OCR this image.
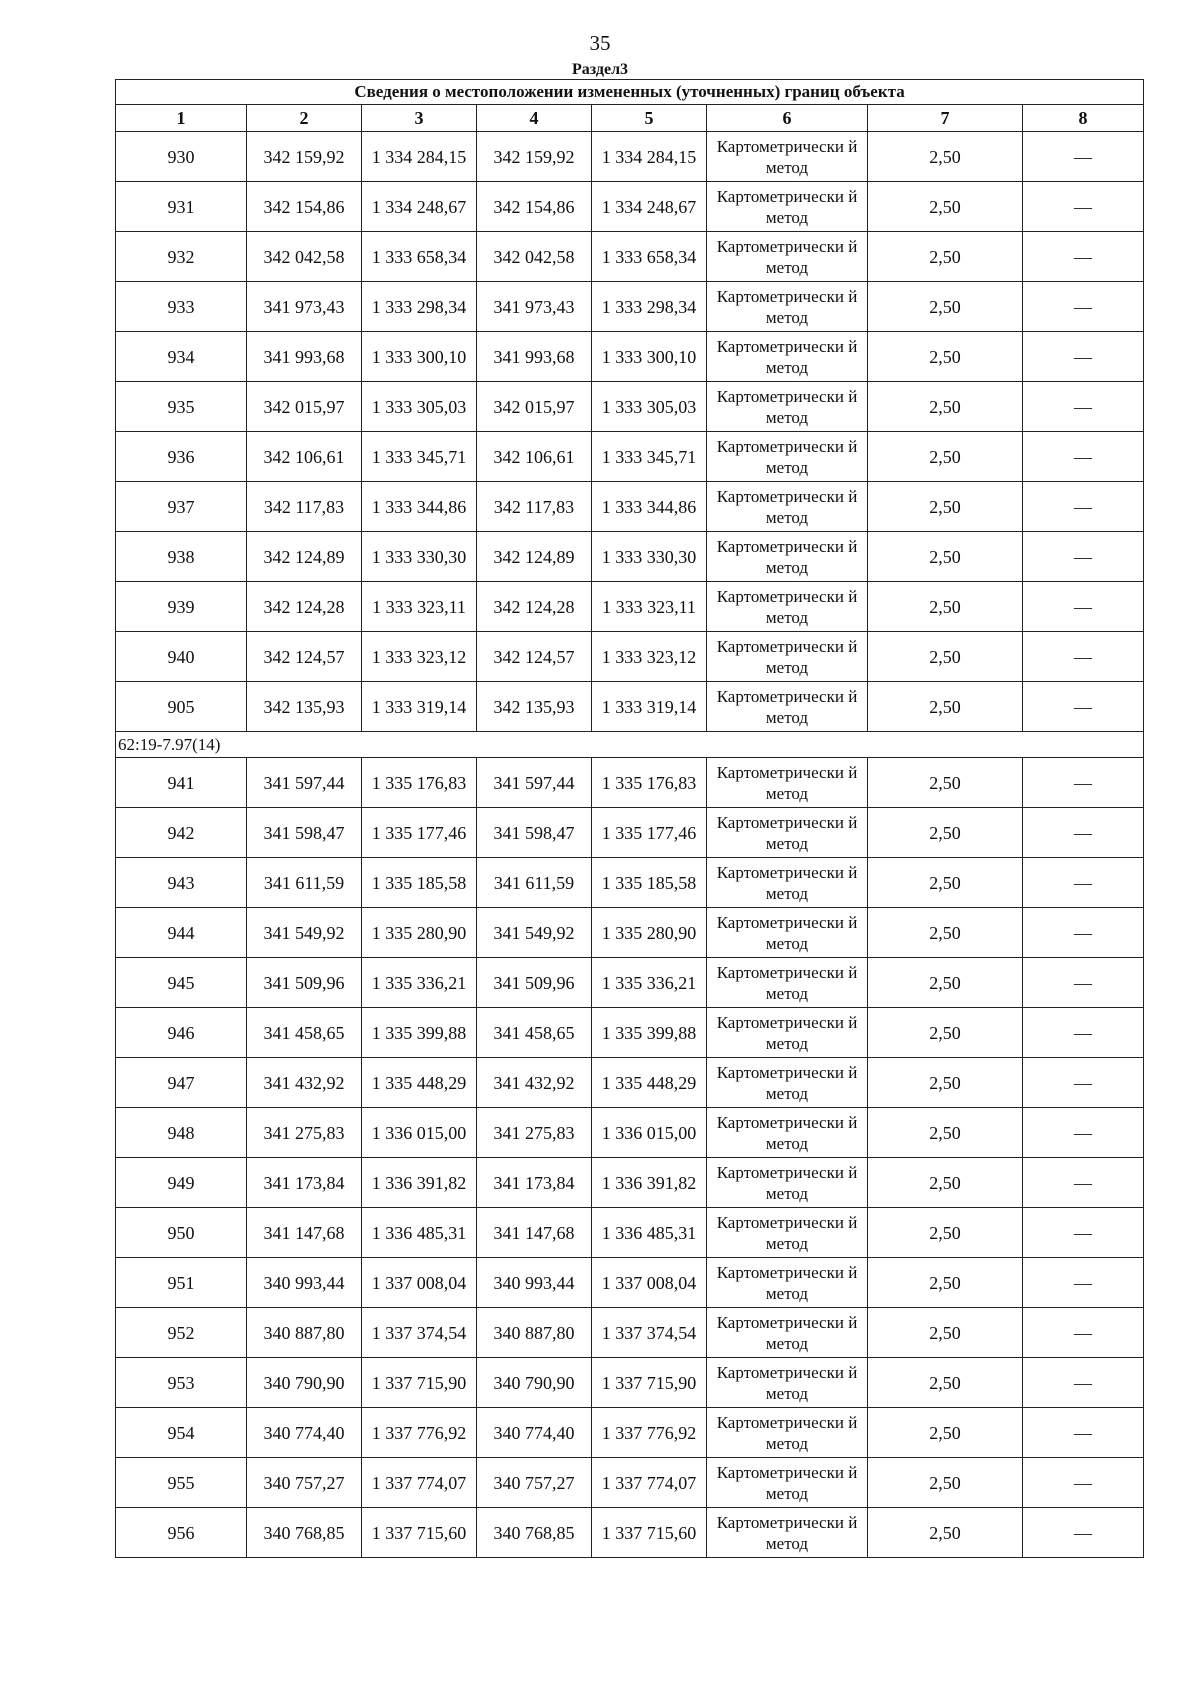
35
Раздел3
Сведения о местоположении измененных (уточненных) границ объекта							
1	2	3	4	5	6	7	8
930	342 159,92	1 334 284,15	342 159,92	1 334 284,15	Картометрически й метод	2,50	—
931	342 154,86	1 334 248,67	342 154,86	1 334 248,67	Картометрически й метод	2,50	—
932	342 042,58	1 333 658,34	342 042,58	1 333 658,34	Картометрически й метод	2,50	—
933	341 973,43	1 333 298,34	341 973,43	1 333 298,34	Картометрически й метод	2,50	—
934	341 993,68	1 333 300,10	341 993,68	1 333 300,10	Картометрически й метод	2,50	—
935	342 015,97	1 333 305,03	342 015,97	1 333 305,03	Картометрически й метод	2,50	—
936	342 106,61	1 333 345,71	342 106,61	1 333 345,71	Картометрически й метод	2,50	—
937	342 117,83	1 333 344,86	342 117,83	1 333 344,86	Картометрически й метод	2,50	—
938	342 124,89	1 333 330,30	342 124,89	1 333 330,30	Картометрически й метод	2,50	—
939	342 124,28	1 333 323,11	342 124,28	1 333 323,11	Картометрически й метод	2,50	—
940	342 124,57	1 333 323,12	342 124,57	1 333 323,12	Картометрически й метод	2,50	—
905	342 135,93	1 333 319,14	342 135,93	1 333 319,14	Картометрически й метод	2,50	—
62:19-7.97(14)							
941	341 597,44	1 335 176,83	341 597,44	1 335 176,83	Картометрически й метод	2,50	—
942	341 598,47	1 335 177,46	341 598,47	1 335 177,46	Картометрически й метод	2,50	—
943	341 611,59	1 335 185,58	341 611,59	1 335 185,58	Картометрически й метод	2,50	—
944	341 549,92	1 335 280,90	341 549,92	1 335 280,90	Картометрически й метод	2,50	—
945	341 509,96	1 335 336,21	341 509,96	1 335 336,21	Картометрически й метод	2,50	—
946	341 458,65	1 335 399,88	341 458,65	1 335 399,88	Картометрически й метод	2,50	—
947	341 432,92	1 335 448,29	341 432,92	1 335 448,29	Картометрически й метод	2,50	—
948	341 275,83	1 336 015,00	341 275,83	1 336 015,00	Картометрически й метод	2,50	—
949	341 173,84	1 336 391,82	341 173,84	1 336 391,82	Картометрически й метод	2,50	—
950	341 147,68	1 336 485,31	341 147,68	1 336 485,31	Картометрически й метод	2,50	—
951	340 993,44	1 337 008,04	340 993,44	1 337 008,04	Картометрически й метод	2,50	—
952	340 887,80	1 337 374,54	340 887,80	1 337 374,54	Картометрически й метод	2,50	—
953	340 790,90	1 337 715,90	340 790,90	1 337 715,90	Картометрически й метод	2,50	—
954	340 774,40	1 337 776,92	340 774,40	1 337 776,92	Картометрически й метод	2,50	—
955	340 757,27	1 337 774,07	340 757,27	1 337 774,07	Картометрически й метод	2,50	—
956	340 768,85	1 337 715,60	340 768,85	1 337 715,60	Картометрически й метод	2,50	—
